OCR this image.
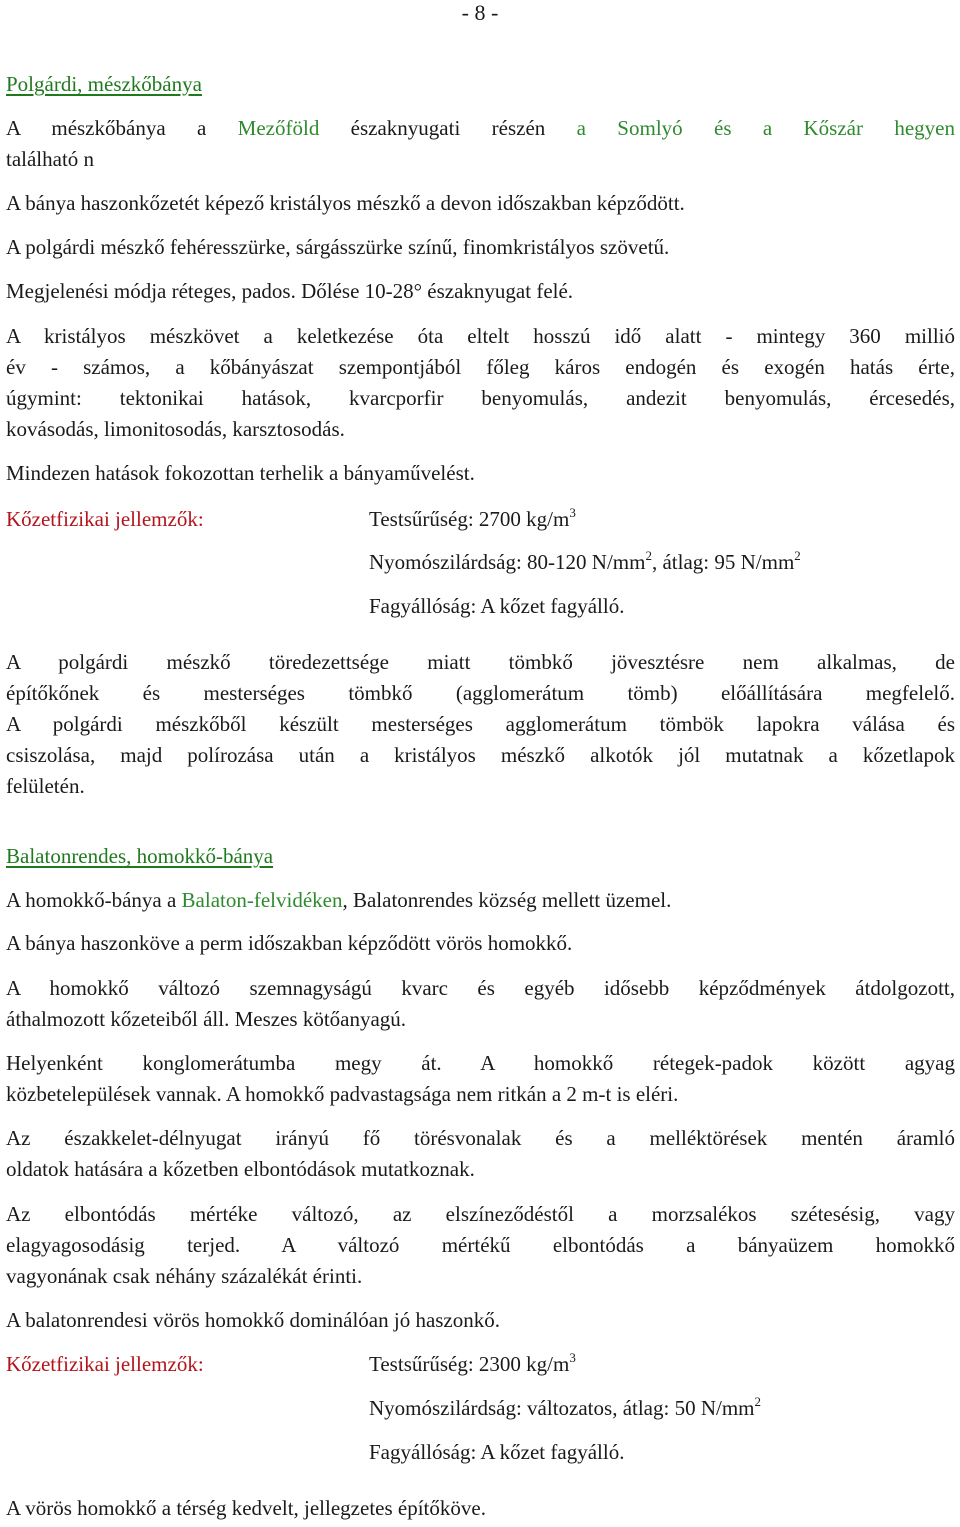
- 8 -
Polgárdi, mészkőbánya
A mészkőbánya a Mezőföld északnyugati részén a Somlyó és a Kőszár hegyen
található n
A bánya haszonkőzetét képező kristályos mészkő a devon időszakban képződött.
A polgárdi mészkő fehéresszürke, sárgásszürke színű, finomkristályos szövetű.
Megjelenési módja réteges, pados. Dőlése 10-28° északnyugat felé.
A kristályos mészkövet a keletkezése óta eltelt hosszú idő alatt - mintegy 360 millió
év - számos, a kőbányászat szempontjából főleg káros endogén és exogén hatás érte,
úgymint: tektonikai hatások, kvarcporfir benyomulás, andezit benyomulás, ércesedés,
kovásodás, limonitosodás, karsztosodás.
Mindezen hatások fokozottan terhelik a bányaművelést.
Kőzetfizikai jellemzők:	Testsűrűség: 2700 $kg/m^3$
Nyomószilárdság: 80-120 $N/mm^2$, átlag: 95 $N/mm^2$
Fagyállóság: A kőzet fagyálló.
A polgárdi mészkő töredezettsége miatt tömbkő jövesztésre nem alkalmas, de
építőkőnek és mesterséges tömbkő (agglomerátum tömb) előállítására megfelelő.
A polgárdi mészkőből készült mesterséges agglomerátum tömbök lapokra válása és
csiszolása, majd polírozása után a kristályos mészkő alkotók jól mutatnak a kőzetlapok
felületén.
Balatonrendes, homokkő-bánya
A homokkő-bánya a Balaton-felvidéken, Balatonrendes község mellett üzemel.
A bánya haszonköve a perm időszakban képződött vörös homokkő.
A homokkő változó szemnagyságú kvarc és egyéb idősebb képződmények átdolgozott,
áthalmozott kőzeteiből áll. Meszes kötőanyagú.
Helyenként konglomerátumba megy át. A homokkő rétegek-padok között agyag
közbetelepülések vannak. A homokkő padvastagsága nem ritkán a 2 m-t is eléri.
Az északkelet-délnyugat irányú fő törésvonalak és a melléktörések mentén áramló
oldatok hatására a kőzetben elbontódások mutatkoznak.
Az elbontódás mértéke változó, az elszíneződéstől a morzsalékos szétesésig, vagy
elagyagosodásig terjed. A változó mértékű elbontódás a bányaüzem homokkő
vagyonának csak néhány százalékát érinti.
A balatonrendesi vörös homokkő dominálóan jó haszonkő.
Kőzetfizikai jellemzők:	Testsűrűség: 2300 $kg/m^3$
Nyomószilárdság: változatos, átlag: 50 $N/mm^2$
Fagyállóság: A kőzet fagyálló.
A vörös homokkő a térség kedvelt, jellegzetes építőköve.
